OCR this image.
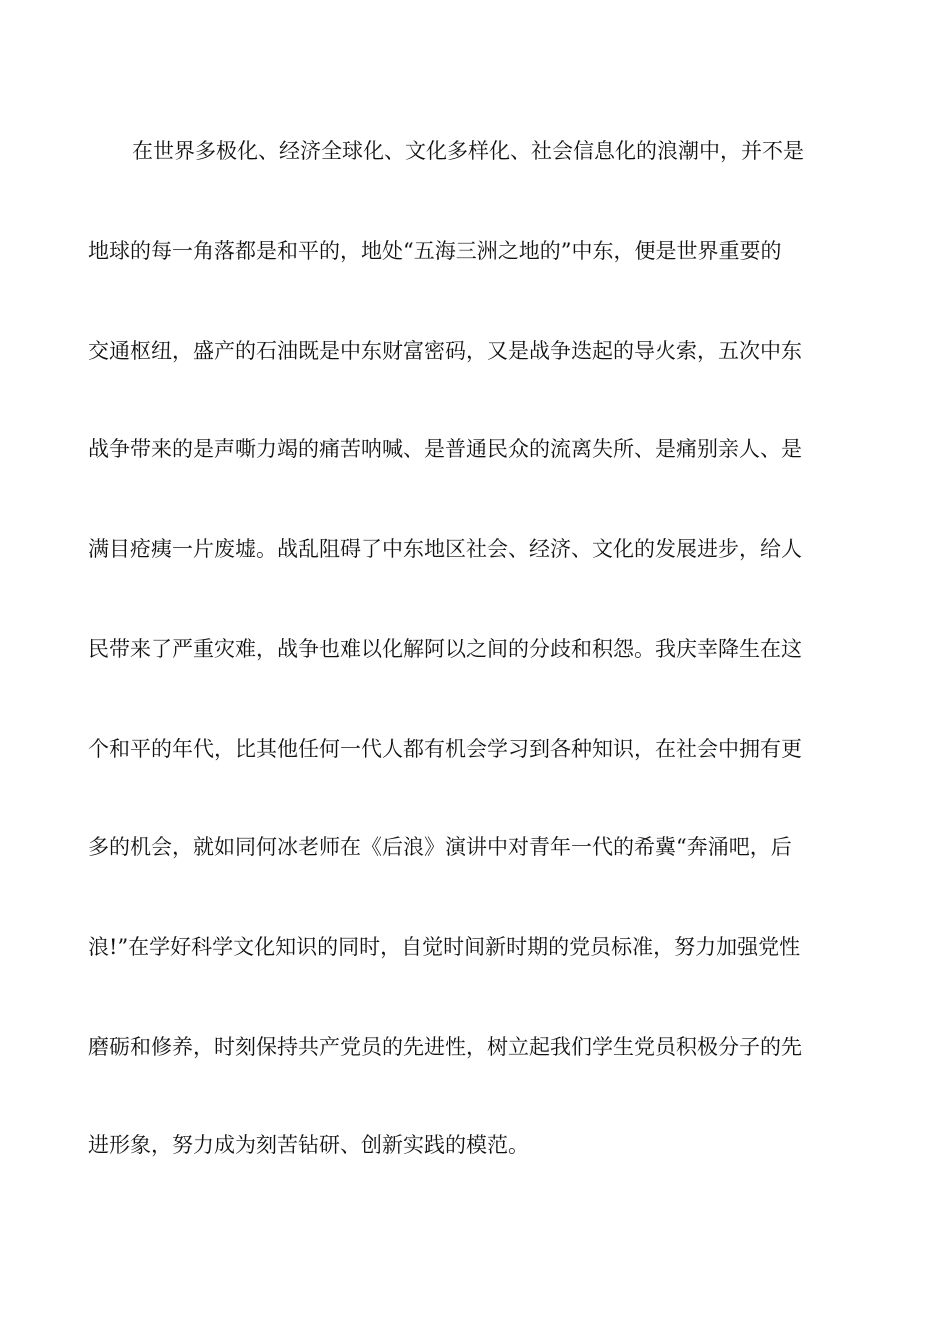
在世界多极化、经济全球化、文化多样化、社会信息化的浪潮中，并不是
地球的每一角落都是和平的，地处“五海三洲之地的”中东，便是世界重要的
交通枢纽，盛产的石油既是中东财富密码，又是战争迭起的导火索，五次中东
战争带来的是声嘶力竭的痛苦呐喊、是普通民众的流离失所、是痛别亲人、是
满目疮痍一片废墟。战乱阻碍了中东地区社会、经济、文化的发展进步，给人
民带来了严重灾难，战争也难以化解阿以之间的分歧和积怨。我庆幸降生在这
个和平的年代，比其他任何一代人都有机会学习到各种知识，在社会中拥有更
多的机会，就如同何冰老师在《后浪》演讲中对青年一代的希冀“奔涌吧，后
浪!”在学好科学文化知识的同时，自觉时间新时期的党员标准，努力加强党性
磨砺和修养，时刻保持共产党员的先进性，树立起我们学生党员积极分子的先
进形象，努力成为刻苦钻研、创新实践的模范。
